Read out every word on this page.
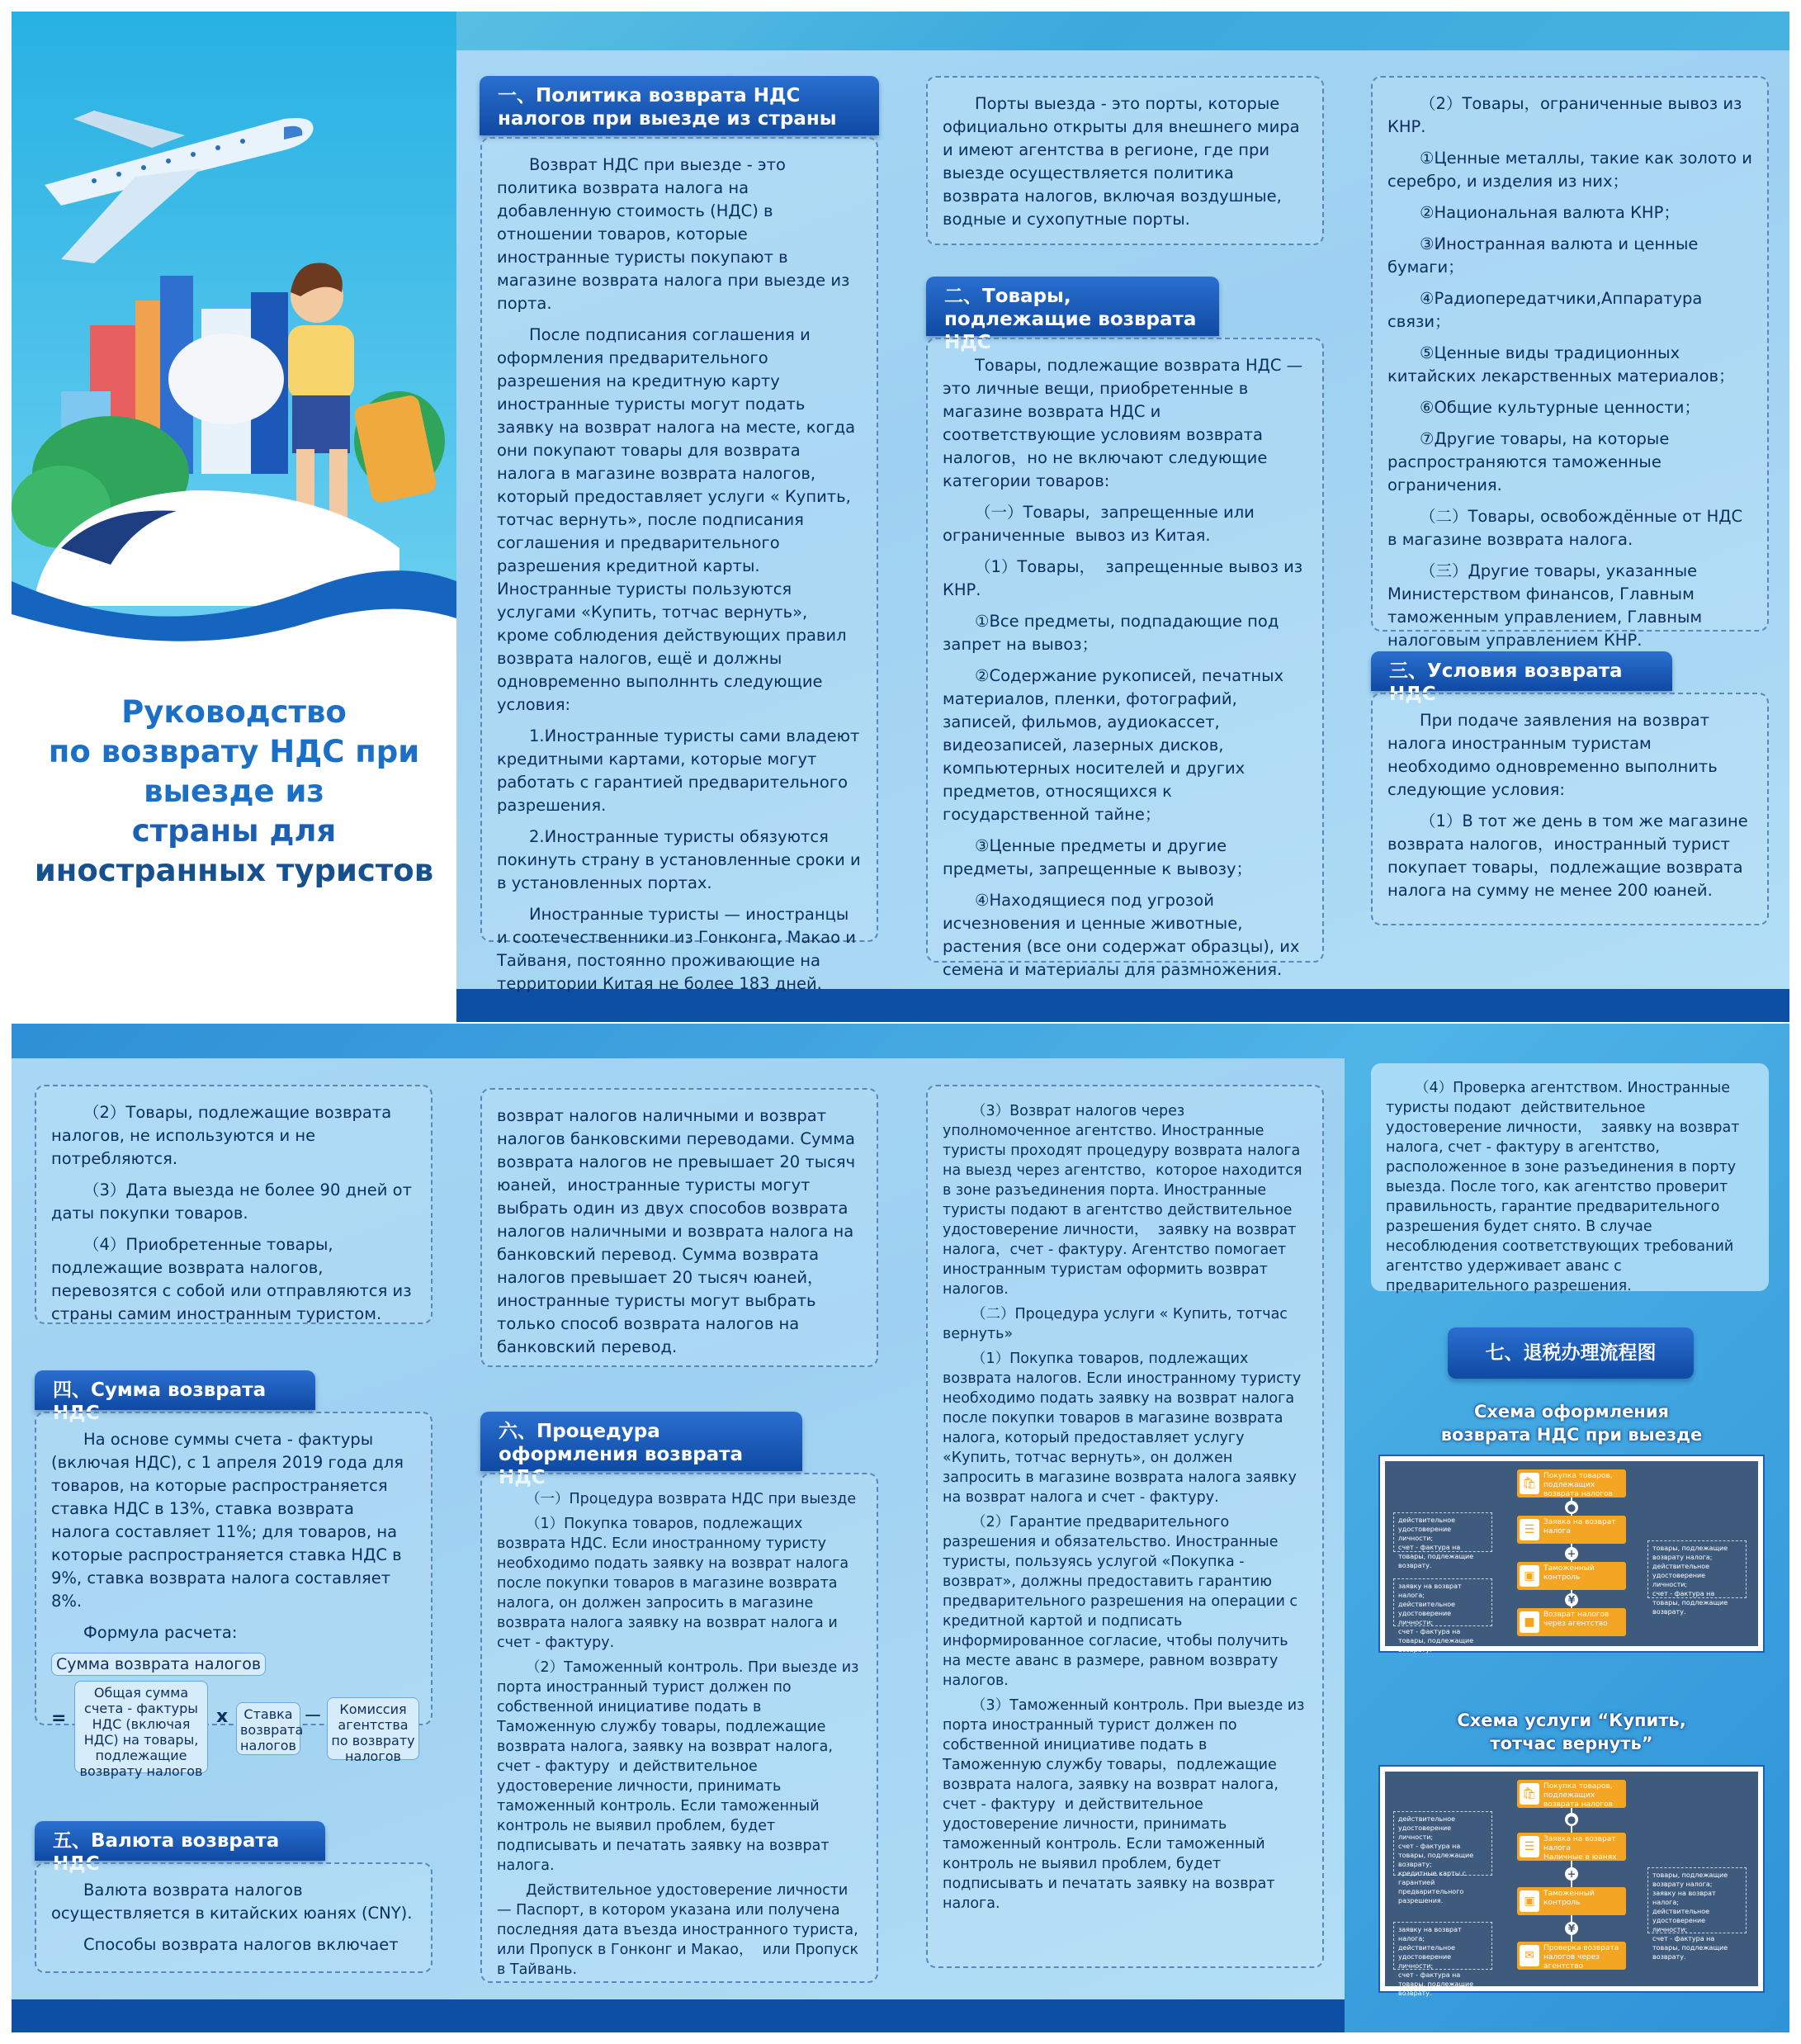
Руководство
по возврату НДС при
выезде из
страны для
иностранных туристов
一、Политика возврата НДС налогов при выезде из страны

Возврат НДС при выезде - это политика возврата налога на добавленную стоимость (НДС) в отношении товаров, которые иностранные туристы покупают в магазине возврата налога при выезде из порта.

После подписания соглашения и оформления предварительного разрешения на кредитную карту иностранные туристы могут подать заявку на возврат налога на месте, когда они покупают товары для возврата налога в магазине возврата налогов, который предоставляет услуги « Купить, тотчас вернуть», после подписания соглашения и предварительного разрешения кредитной карты. Иностранные туристы пользуются услугами «Купить, тотчас вернуть», кроме соблюдения действующих правил возврата налогов, ещё и должны одновременно выполннть следующие условия:

1.Иностранные туристы сами владеют кредитными картами, которые могут работать с гарантией предварительного разрешения.

2.Иностранные туристы обязуются покинуть страну в установленные сроки и в установленных портах.

Иностранные туристы — иностранцы и соотечественники из Гонконга, Макао и Тайваня, постоянно проживающие на территории Китая не более 183 дней.

Порты выезда - это порты, которые официально открыты для внешнего мира и имеют агентства в регионе, где при выезде осуществляется политика возврата налогов, включая воздушные, водные и сухопутные порты.

二、Товары, подлежащие возврата НДС

Товары, подлежащие возврата НДС — это личные вещи, приобретенные в магазине возврата НДС и соответствующие условиям возврата налогов，но не включают следующие категории товаров:

（一）Товары,  запрещенные или ограниченные  вывоз из Китая.

（1）Товары，  запрещенные вывоз из КНР.

①Все предметы, подпадающие под запрет на вывоз；

②Содержание рукописей, печатных материалов, пленки, фотографий, записей, фильмов, аудиокассет, видеозаписей, лазерных дисков, компьютерных носителей и других предметов, относящихся к государственной тайне；

③Ценные предметы и другие предметы, запрещенные к вывозу；

④Находящиеся под угрозой исчезновения и ценные животные, растения (все они содержат образцы), их семена и материалы для размножения.

（2）Товары，ограниченные вывоз из КНР.

①Ценные металлы, такие как золото и серебро, и изделия из них；

②Национальная валюта КНР；

③Иностранная валюта и ценные бумаги；

④Радиопередатчики,Аппаратура связи；

⑤Ценные виды традиционных китайских лекарственных материалов；

⑥Общие культурные ценности；

⑦Другие товары, на которые распространяются таможенные ограничения.

（二）Товары, освобождённые от НДС в магазине возврата налога.

（三）Другие товары, указанные Министерством финансов, Главным таможенным управлением, Главным налоговым управлением КНР.

三、Условия возврата НДС

При подаче заявления на возврат налога иностранным туристам необходимо одновременно выполнить следующие условия:

（1）В тот же день в том же магазине возврата налогов，иностранный турист покупает товары，подлежащие возврата налога на сумму не менее 200 юаней.

（2）Товары, подлежащие возврата налогов, не используются и не потребляются.

（3）Дата выезда не более 90 дней от даты покупки товаров.

（4）Приобретенные товары, подлежащие возврата налогов, перевозятся с собой или отправляются из страны самим иностранным туристом.

四、Сумма возврата НДС

На основе суммы счета - фактуры (включая НДС), с 1 апреля 2019 года для товаров, на которые распространяется ставка НДС в 13%, ставка возврата налога составляет 11%; для товаров, на которые распространяется ставка НДС в 9%, ставка возврата налога составляет 8%.

Формула расчета:

Сумма возврата налогов
=
Общая сумма счета - фактуры НДС (включая НДС) на товары, подлежащие возврату налогов
x	Ставка возврата налогов
－	Комиссия агентства по возврату налогов
五、Валюта возврата НДС

Валюта возврата налогов осуществляется в китайских юанях (CNY).

Способы возврата налогов включает

возврат налогов наличными и возврат налогов банковскими переводами. Сумма возврата налогов не превышает 20 тысяч юаней，иностранные туристы могут выбрать один из двух способов возврата налогов наличными и возврата налога на банковский перевод. Сумма возврата налогов превышает 20 тысяч юаней，иностранные туристы могут выбрать только способ возврата налогов на банковский перевод.

六、Процедура оформления возврата НДС

（一）Процедура возврата НДС при выезде

（1）Покупка товаров, подлежащих возврата НДС. Если иностранному туристу необходимо подать заявку на возврат налога после покупки товаров в магазине возврата налога, он должен запросить в магазине возврата налога заявку на возврат налога и счет - фактуру.

（2）Таможенный контроль. При выезде из порта иностранный турист должен по собственной инициативе подать в Таможенную службу товары, подлежащие возврата налога, заявку на возврат налога, счет - фактуру  и действительное удостоверение личности, принимать таможенный контроль. Если таможенный контроль не выявил проблем, будет подписывать и печатать заявку на возврат налога.

Действительное удостоверение личности — Паспорт, в котором указана или получена последняя дата въезда иностранного туриста, или Пропуск в Гонконг и Макао，  или Пропуск в Тайвань.

（3）Возврат налогов через уполномоченное агентство. Иностранные туристы проходят процедуру возврата налога на выезд через агентство，которое находится в зоне разъединения порта. Иностранные туристы подают в агентство действительное удостоверение личности，  заявку на возврат налога，счет - фактуру. Агентство помогает иностранным туристам оформить возврат налогов.

（二）Процедура услуги « Купить, тотчас вернуть»

（1）Покупка товаров, подлежащих возврата налогов. Если иностранному туристу необходимо подать заявку на возврат налога после покупки товаров в магазине возврата налога, который предоставляет услугу «Купить, тотчас вернуть», он должен запросить в магазине возврата налога заявку на возврат налога и счет - фактуру.

（2）Гарантие предварительного разрешения и обязательство. Иностранные туристы, пользуясь услугой «Покупка - возврат», должны предоставить гарантию предварительного разрешения на операции с кредитной картой и подписать информированное согласие, чтобы получить на месте аванс в размере, равном возврату налогов.

（3）Таможенный контроль. При выезде из порта иностранный турист должен по собственной инициативе подать в Таможенную службу товары，подлежащие возврата налога, заявку на возврат налога, счет - фактуру  и действительное удостоверение личности, принимать таможенный контроль. Если таможенный контроль не выявил проблем, будет подписывать и печатать заявку на возврат налога.

（4）Проверка агентством. Иностранные туристы подают  действительное удостоверение личности，  заявку на возврат налога, счет - фактуру в агентство, расположенное в зоне разъединения в порту выезда. После того, как агентство проверит правильность, гарантие предварительного разрешения будет снято. В случае несоблюдения соответствующих требований агентство удерживает аванс с предварительного разрешения.

七、退税办理流程图
Схема оформления возврата НДС при выезде
🛍
Покупка товаров, подлежащих возврата налогов
●
☰
Заявка на возврат налога
+
▣
Таможенный контроль
¥
■
Возврат налогов через агентство
действительное удостоверение личности;
счет - фактура на товары, подлежащие возврату.
заявку на возврат налога;
действительное удостоверение личности;
счет - фактура на товары, подлежащие возврату.
товары, подлежащие возврату налога;
действительное удостоверение личности;
счет - фактура на товары, подлежащие возврату.
Схема услуги “Купить, тотчас вернуть”
🛍
Покупка товаров, подлежащих возврата налогов
●
☰
Заявка на возврат налога
Наличные в юанях
+
▣
Таможенный контроль
¥
✉
Проверка возврата налогов через агентство
действительное удостоверение личности;
счет - фактура на товары, подлежащие возврату;
кредитные карты с гарантией предварительного разрешения.
заявку на возврат налога;
действительное удостоверение личности;
счет - фактура на товары, подлежащие возврату.
товары, подлежащие возврату налога;
заявку на возврат налога;
действительное удостоверение личности;
счет - фактура на товары, подлежащие возврату.
